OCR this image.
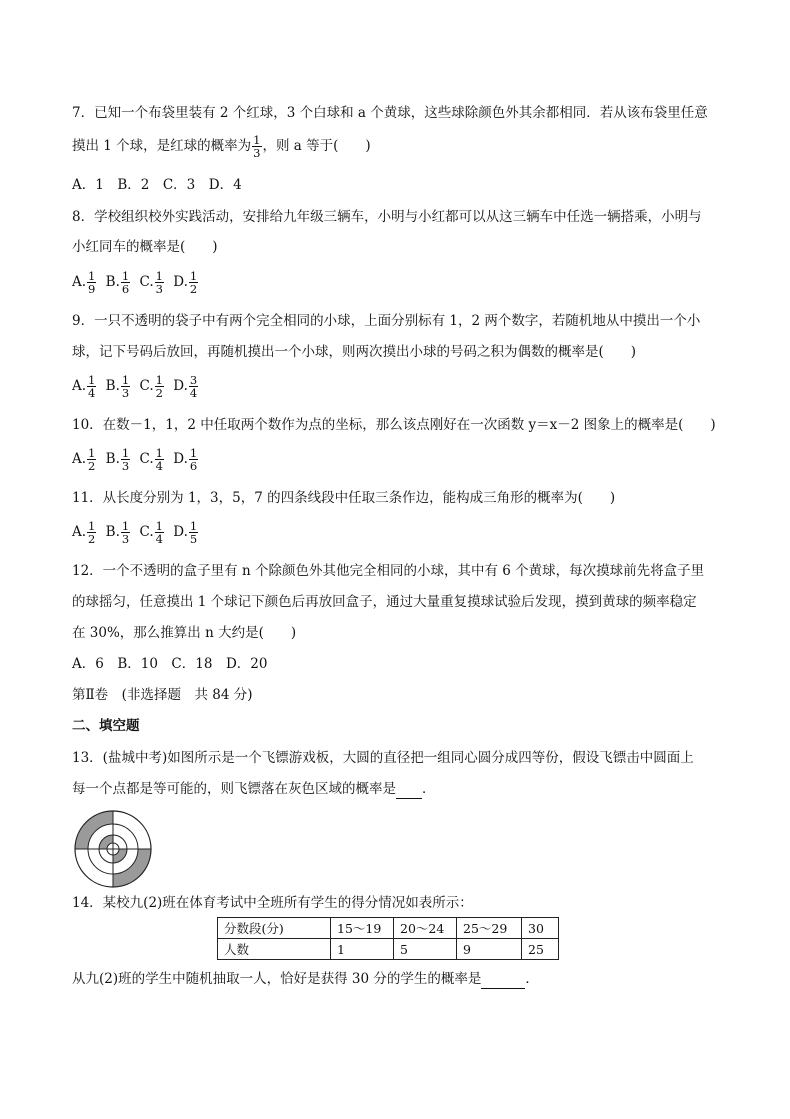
7．已知一个布袋里装有 2 个红球，3 个白球和 a 个黄球，这些球除颜色外其余都相同．若从该布袋里任意
摸出 1 个球，是红球的概率为 $\frac{1}{3}$ ，则 a 等于(　　)
A．1　B．2　C．3　D．4
8．学校组织校外实践活动，安排给九年级三辆车，小明与小红都可以从这三辆车中任选一辆搭乘，小明与
小红同车的概率是(　　)
A. $\frac{1}{9} B$. $\frac{1}{6} C$. $\frac{1}{3} D$. $\frac{1}{2}$
9．一只不透明的袋子中有两个完全相同的小球，上面分别标有 1，2 两个数字，若随机地从中摸出一个小
球，记下号码后放回，再随机摸出一个小球，则两次摸出小球的号码之积为偶数的概率是(　　)
A. $\frac{1}{4} B$. $\frac{1}{3} C$. $\frac{1}{2} D$. $\frac{3}{4}$
10．在数－1，1，2 中任取两个数作为点的坐标，那么该点刚好在一次函数 y＝x－2 图象上的概率是(　　)
A. $\frac{1}{2} B$. $\frac{1}{3} C$. $\frac{1}{4} D$. $\frac{1}{6}$
11．从长度分别为 1，3，5，7 的四条线段中任取三条作边，能构成三角形的概率为(　　)
A. $\frac{1}{2} B$. $\frac{1}{3} C$. $\frac{1}{4} D$. $\frac{1}{5}$
12．一个不透明的盒子里有 n 个除颜色外其他完全相同的小球，其中有 6 个黄球，每次摸球前先将盒子里
的球摇匀，任意摸出 1 个球记下颜色后再放回盒子，通过大量重复摸球试验后发现，摸到黄球的频率稳定
在 30%，那么推算出 n 大约是(　　)
A．6　B．10　C．18　D．20
第Ⅱ卷　(非选择题　共 84 分)
二、填空题
13．(盐城中考)如图所示是一个飞镖游戏板，大圆的直径把一组同心圆分成四等份，假设飞镖击中圆面上
每一个点都是等可能的，则飞镖落在灰色区域的概率是 ．
14．某校九(2)班在体育考试中全班所有学生的得分情况如表所示：
分数段(分)	15～19	20～24	25～29	30
人数	1	5	9	25
从九(2)班的学生中随机抽取一人，恰好是获得 30 分的学生的概率是	．
